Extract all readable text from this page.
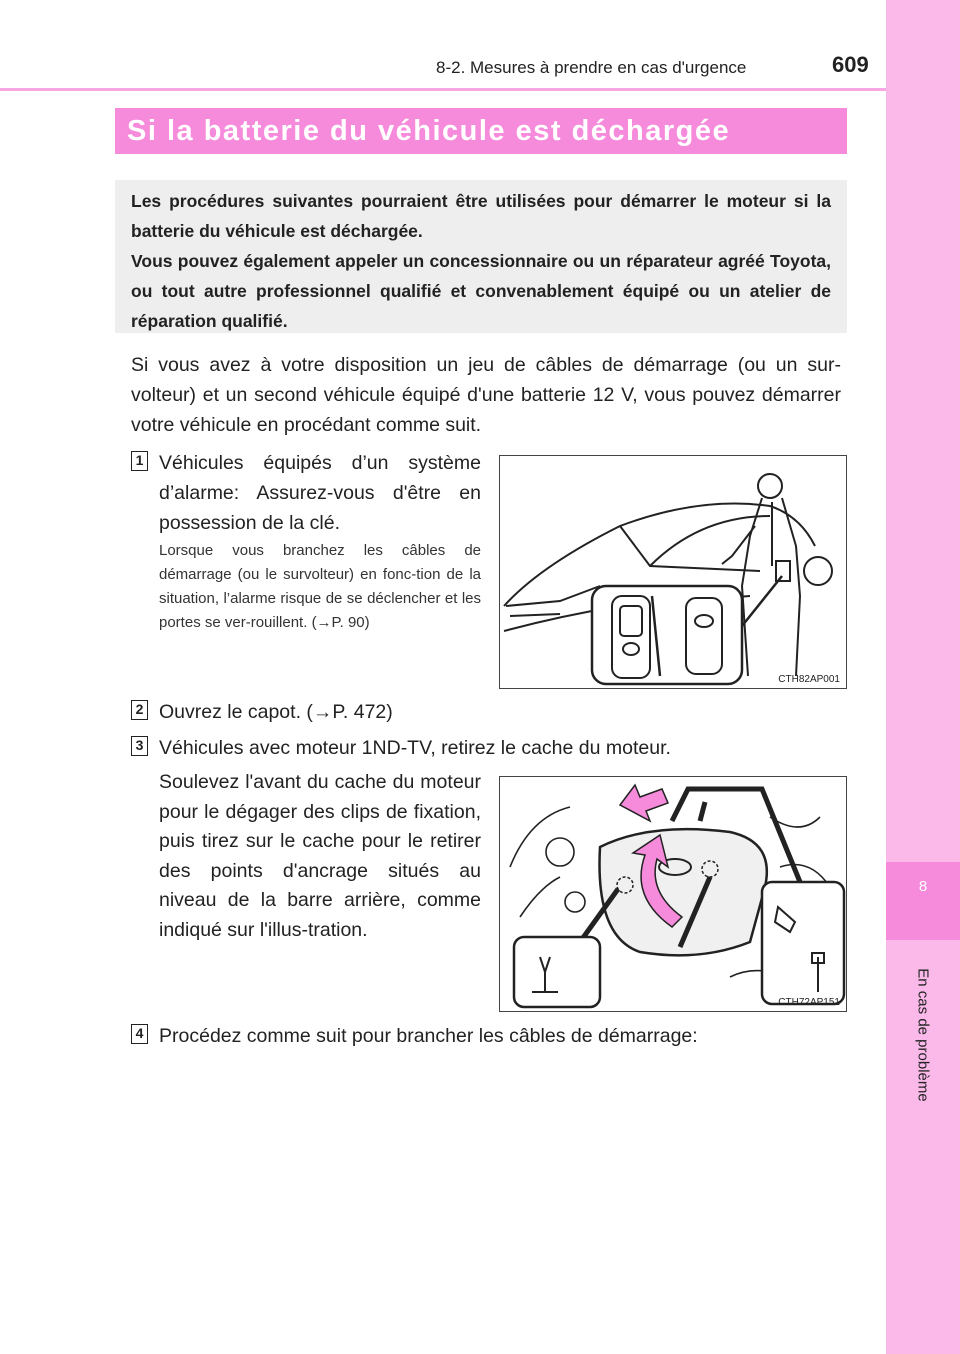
8-2. Mesures à prendre en cas d'urgence	609
8
En cas de problème
Si la batterie du véhicule est déchargée

Les procédures suivantes pourraient être utilisées pour démarrer le moteur si la batterie du véhicule est déchargée.

Vous pouvez également appeler un concessionnaire ou un réparateur agréé Toyota, ou tout autre professionnel qualifié et convenablement équipé ou un atelier de réparation qualifié.

Si vous avez à votre disposition un jeu de câbles de démarrage (ou un sur-volteur) et un second véhicule équipé d'une batterie 12 V, vous pouvez démarrer votre véhicule en procédant comme suit.

1 Véhicules équipés d’un système d’alarme: Assurez-vous d'être en possession de la clé.

Lorsque vous branchez les câbles de démarrage (ou le survolteur) en fonc-tion de la situation, l’alarme risque de se déclencher et les portes se ver-rouillent. (→P. 90)

CTH82AP001
2 Ouvrez le capot. (→P. 472)

3 Véhicules avec moteur 1ND-TV, retirez le cache du moteur.

Soulevez l'avant du cache du moteur pour le dégager des clips de fixation, puis tirez sur le cache pour le retirer des points d'ancrage situés au niveau de la barre arrière, comme indiqué sur l'illus-tration.

CTH72AP151
4 Procédez comme suit pour brancher les câbles de démarrage:
